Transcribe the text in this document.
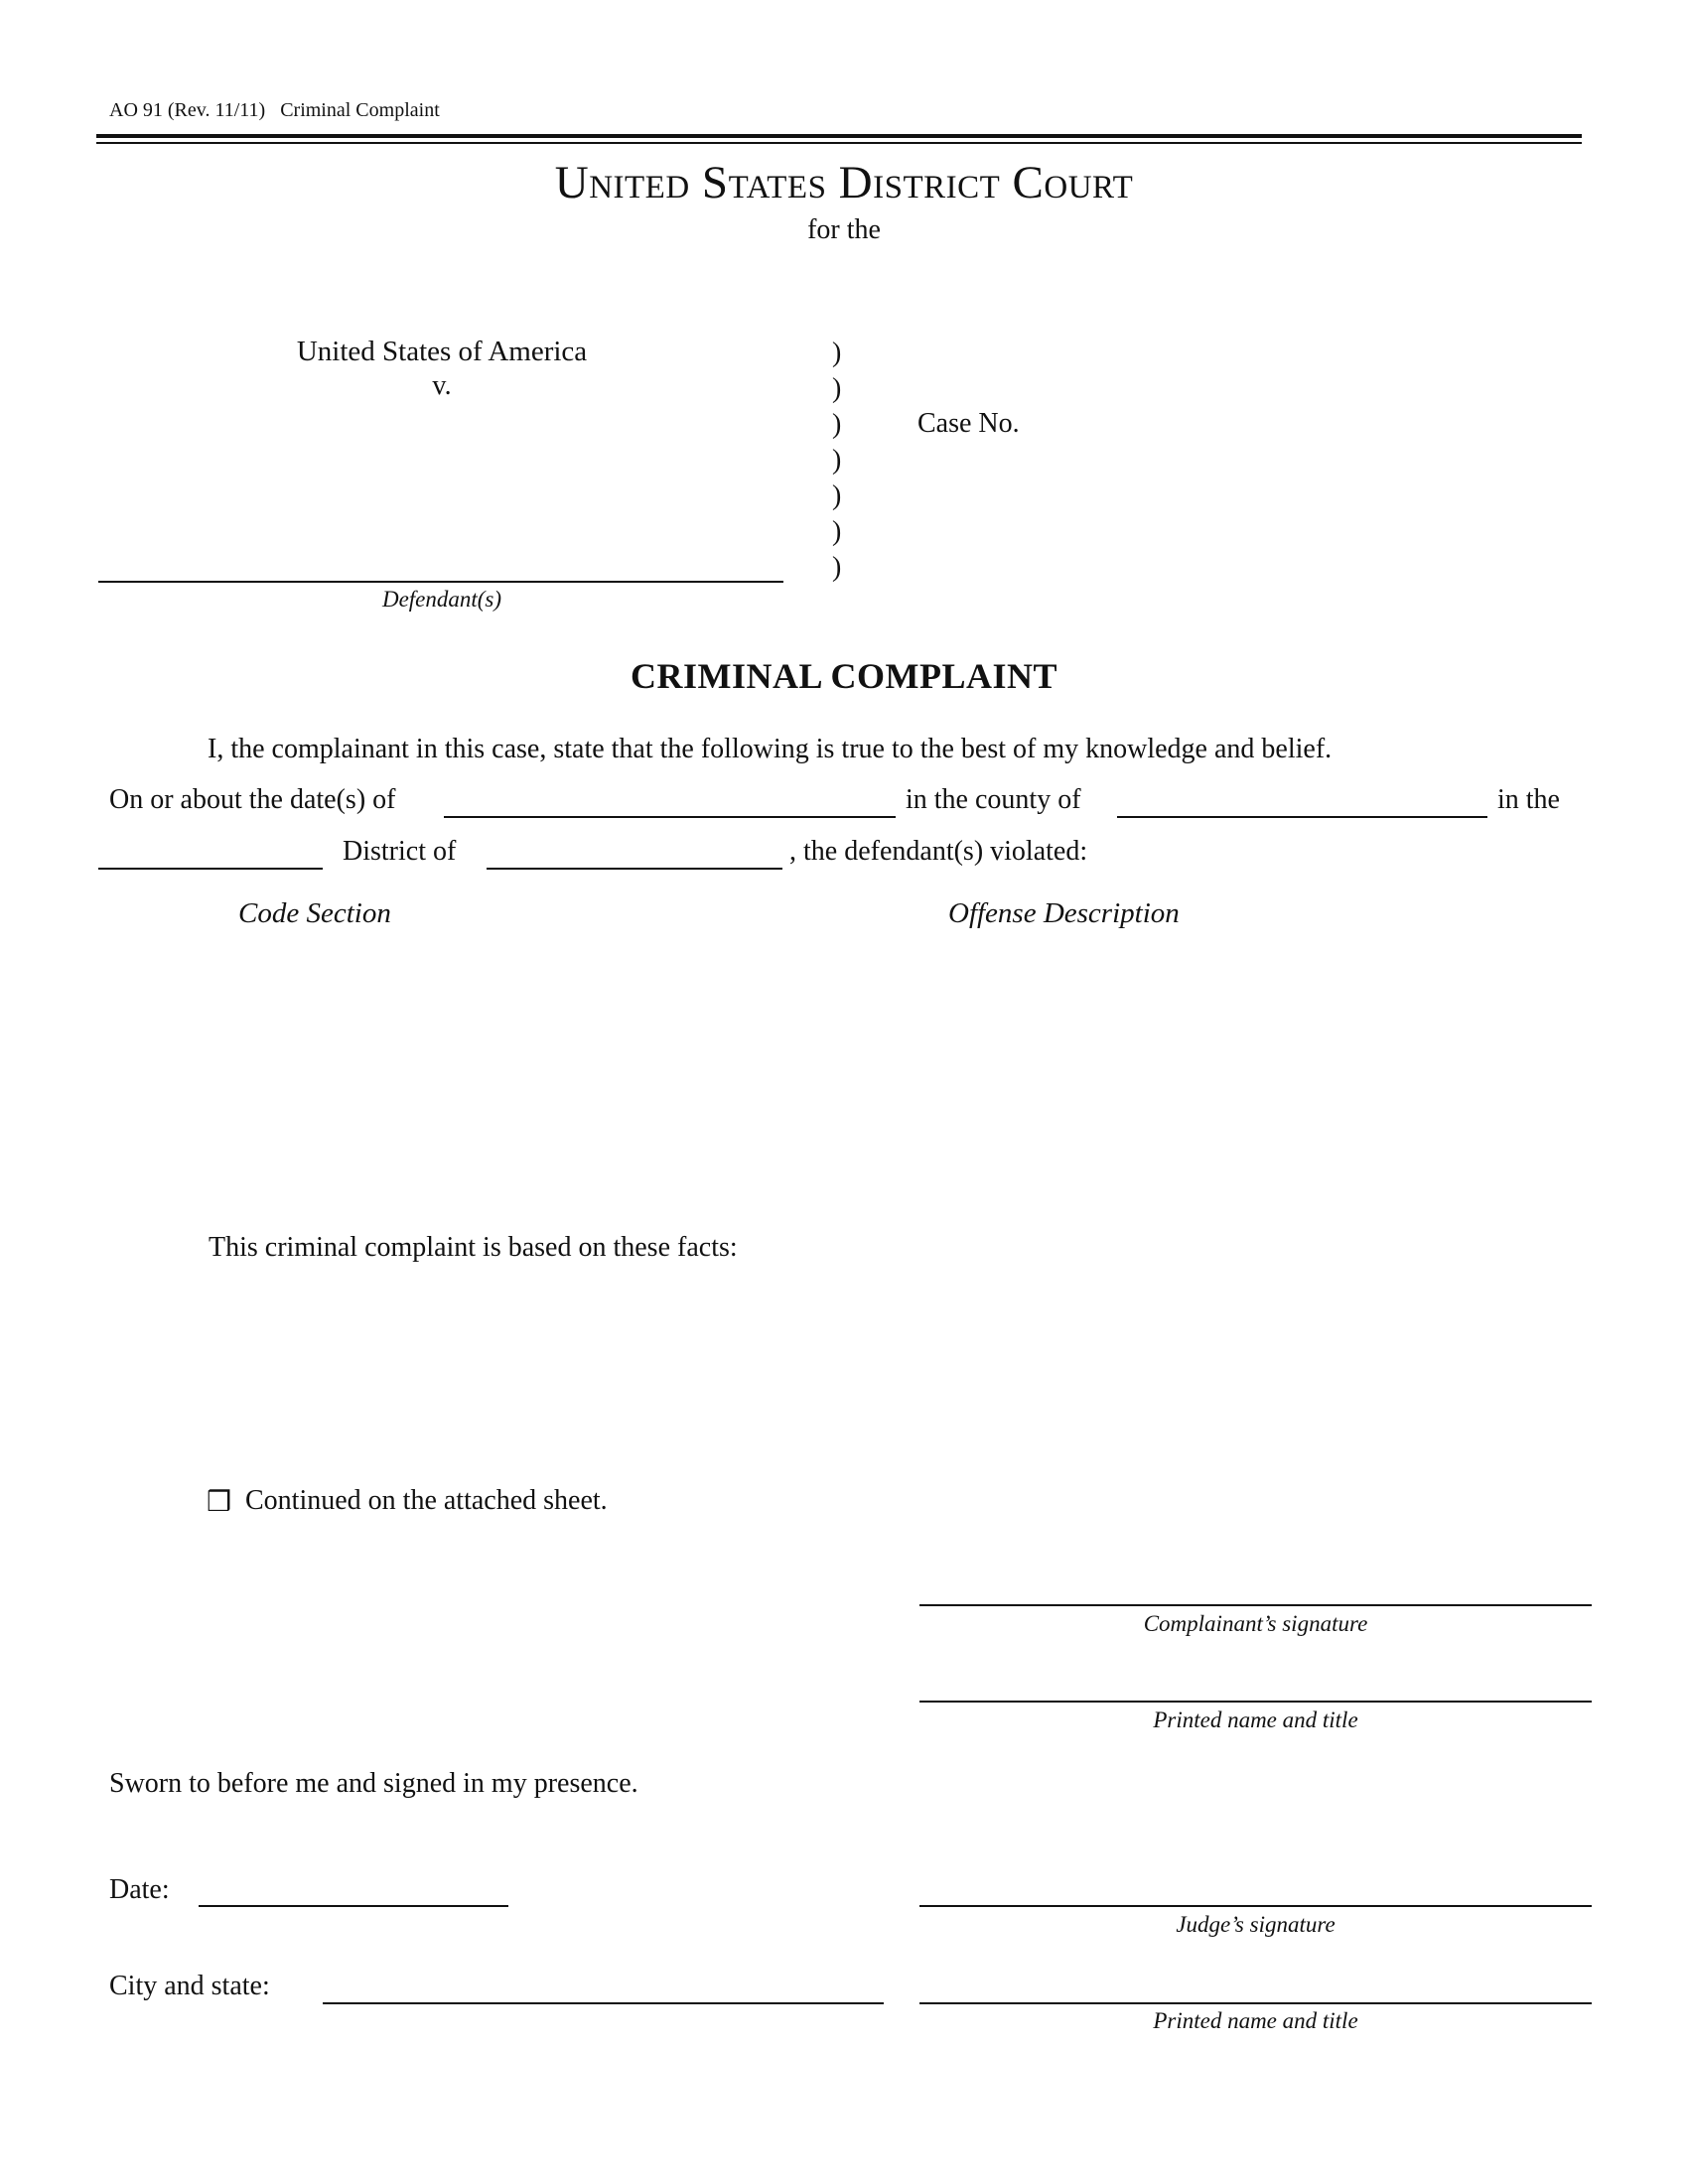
AO 91 (Rev. 11/11)   Criminal Complaint
United States District Court
for the
United States of America
v.
)
)
)
)
)
)
)
Case No.
Defendant(s)
CRIMINAL COMPLAINT
I, the complainant in this case, state that the following is true to the best of my knowledge and belief.
On or about the date(s) of	in the county of	in the
District of	, the defendant(s) violated:
Code Section	Offense Description
This criminal complaint is based on these facts:
❒ Continued on the attached sheet.
Complainant’s signature
Printed name and title
Sworn to before me and signed in my presence.
Date:
Judge’s signature
City and state:
Printed name and title
